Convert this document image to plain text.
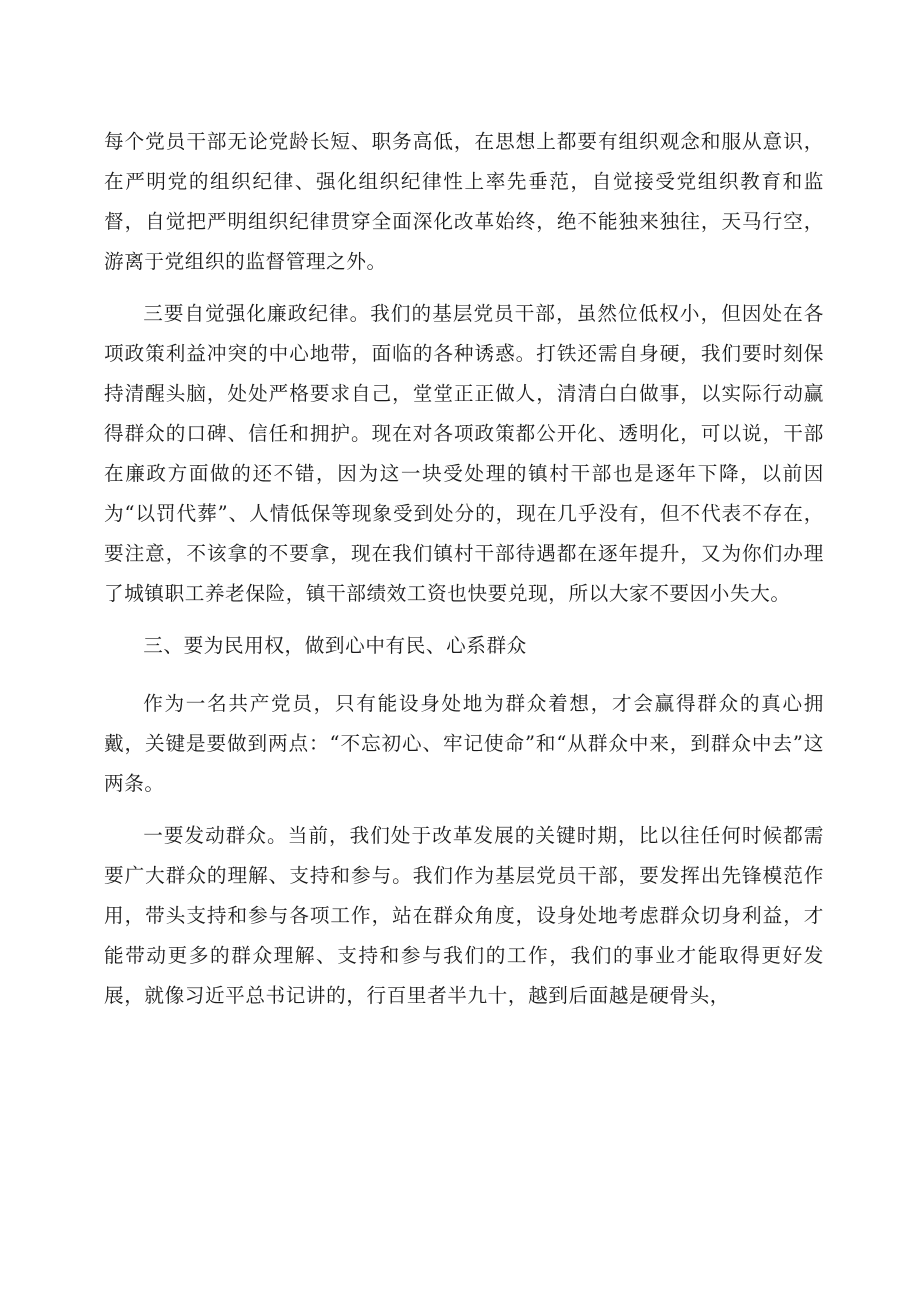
每个党员干部无论党龄长短、职务高低，在思想上都要有组织观念和服从意识，在严明党的组织纪律、强化组织纪律性上率先垂范，自觉接受党组织教育和监督，自觉把严明组织纪律贯穿全面深化改革始终，绝不能独来独往，天马行空，游离于党组织的监督管理之外。

三要自觉强化廉政纪律。我们的基层党员干部，虽然位低权小，但因处在各项政策利益冲突的中心地带，面临的各种诱惑。打铁还需自身硬，我们要时刻保持清醒头脑，处处严格要求自己，堂堂正正做人，清清白白做事，以实际行动赢得群众的口碑、信任和拥护。现在对各项政策都公开化、透明化，可以说，干部在廉政方面做的还不错，因为这一块受处理的镇村干部也是逐年下降，以前因为“以罚代葬”、人情低保等现象受到处分的，现在几乎没有，但不代表不存在，要注意，不该拿的不要拿，现在我们镇村干部待遇都在逐年提升，又为你们办理了城镇职工养老保险，镇干部绩效工资也快要兑现，所以大家不要因小失大。

三、要为民用权，做到心中有民、心系群众

作为一名共产党员，只有能设身处地为群众着想，才会赢得群众的真心拥戴，关键是要做到两点：“不忘初心、牢记使命”和“从群众中来，到群众中去”这两条。

一要发动群众。当前，我们处于改革发展的关键时期，比以往任何时候都需要广大群众的理解、支持和参与。我们作为基层党员干部，要发挥出先锋模范作用，带头支持和参与各项工作，站在群众角度，设身处地考虑群众切身利益，才能带动更多的群众理解、支持和参与我们的工作，我们的事业才能取得更好发展，就像习近平总书记讲的，行百里者半九十，越到后面越是硬骨头，
